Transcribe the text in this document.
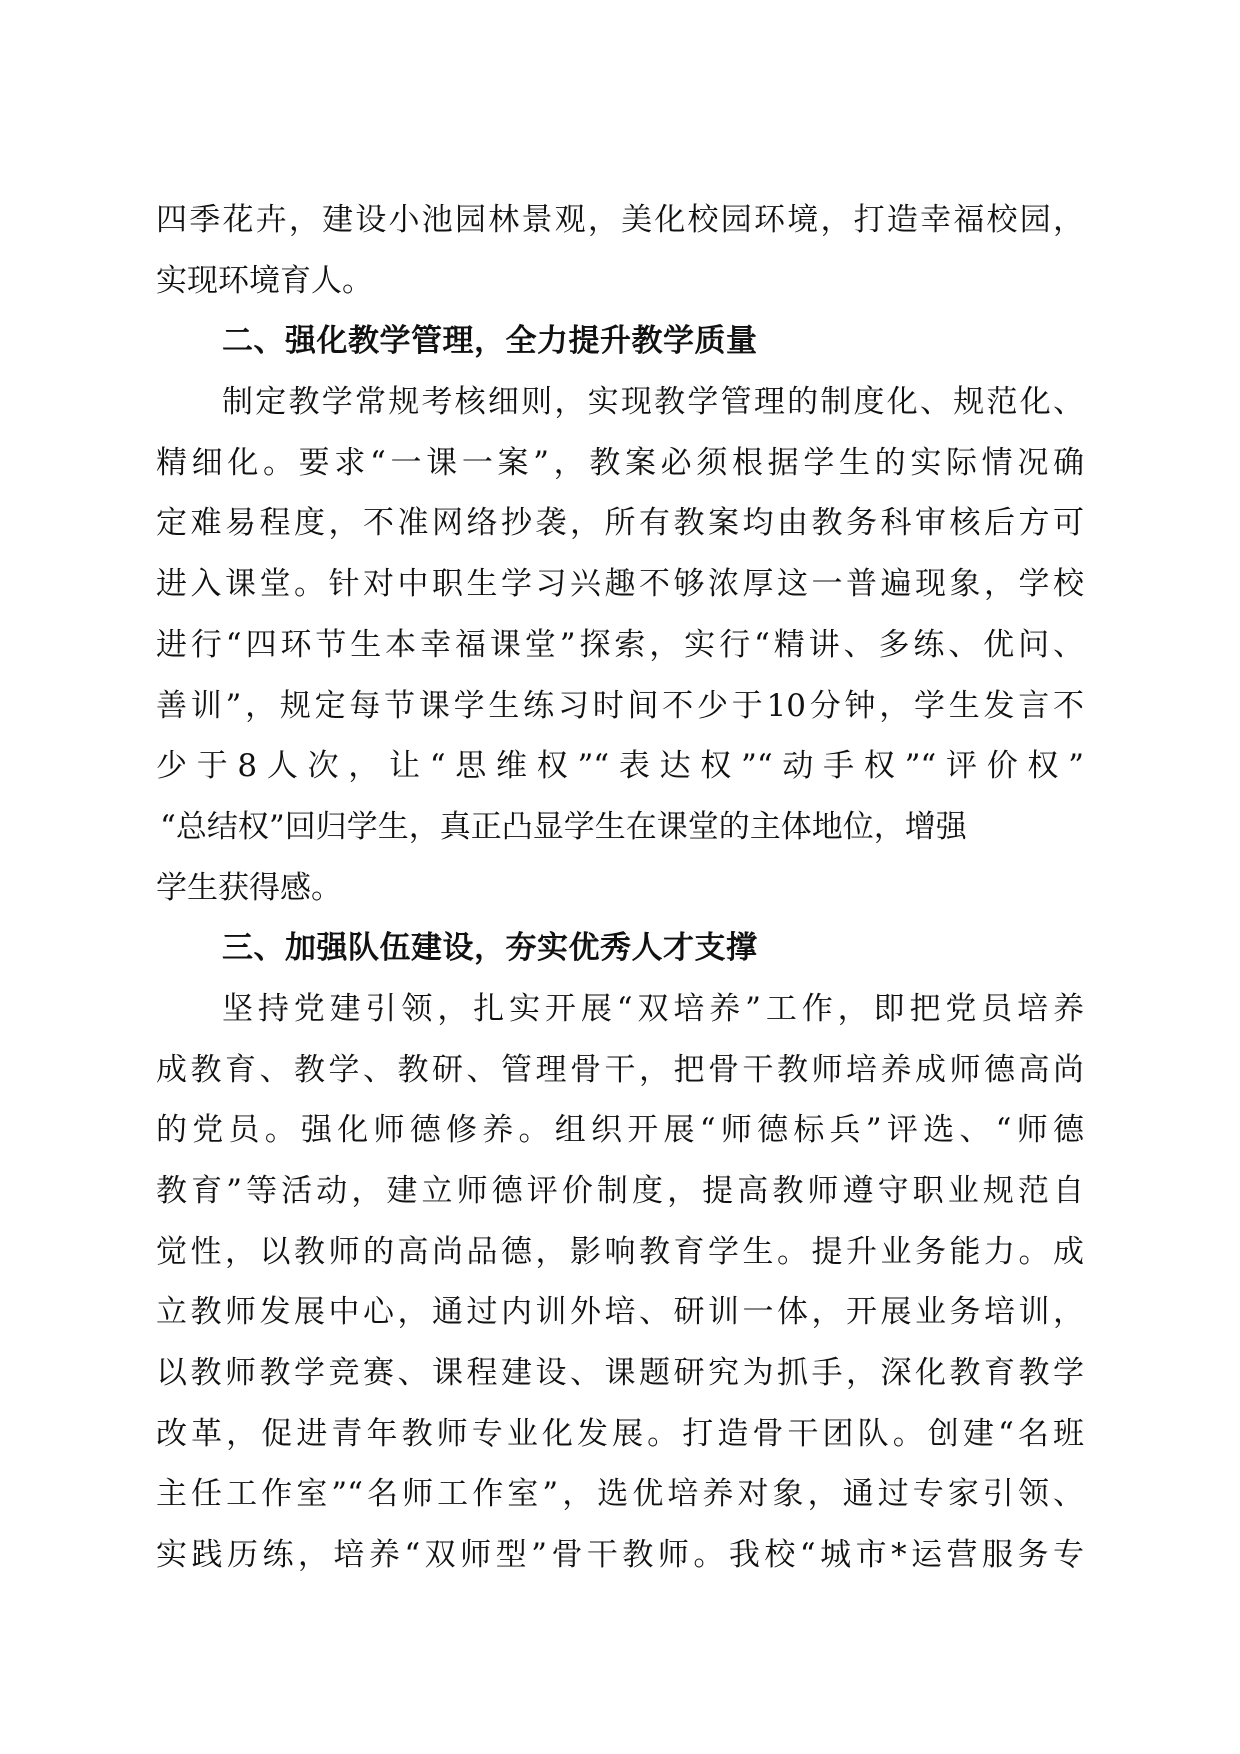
四季花卉，建设小池园林景观，美化校园环境，打造幸福校园，
实现环境育人。
二、强化教学管理，全力提升教学质量
制定教学常规考核细则，实现教学管理的制度化、规范化、
精细化。要求“一课一案”，教案必须根据学生的实际情况确
定难易程度，不准网络抄袭，所有教案均由教务科审核后方可
进入课堂。针对中职生学习兴趣不够浓厚这一普遍现象，学校
进行“四环节生本幸福课堂”探索，实行“精讲、多练、优问、
善训”，规定每节课学生练习时间不少于10分钟，学生发言不
少于8人次，让“思维权”“表达权”“动手权”“评价权”
“总结权”回归学生，真正凸显学生在课堂的主体地位，增强
学生获得感。
三、加强队伍建设，夯实优秀人才支撑
坚持党建引领，扎实开展“双培养”工作，即把党员培养
成教育、教学、教研、管理骨干，把骨干教师培养成师德高尚
的党员。强化师德修养。组织开展“师德标兵”评选、“师德
教育”等活动，建立师德评价制度，提高教师遵守职业规范自
觉性，以教师的高尚品德，影响教育学生。提升业务能力。成
立教师发展中心，通过内训外培、研训一体，开展业务培训，
以教师教学竞赛、课程建设、课题研究为抓手，深化教育教学
改革，促进青年教师专业化发展。打造骨干团队。创建“名班
主任工作室”“名师工作室”，选优培养对象，通过专家引领、
实践历练，培养“双师型”骨干教师。我校“城市*运营服务专
